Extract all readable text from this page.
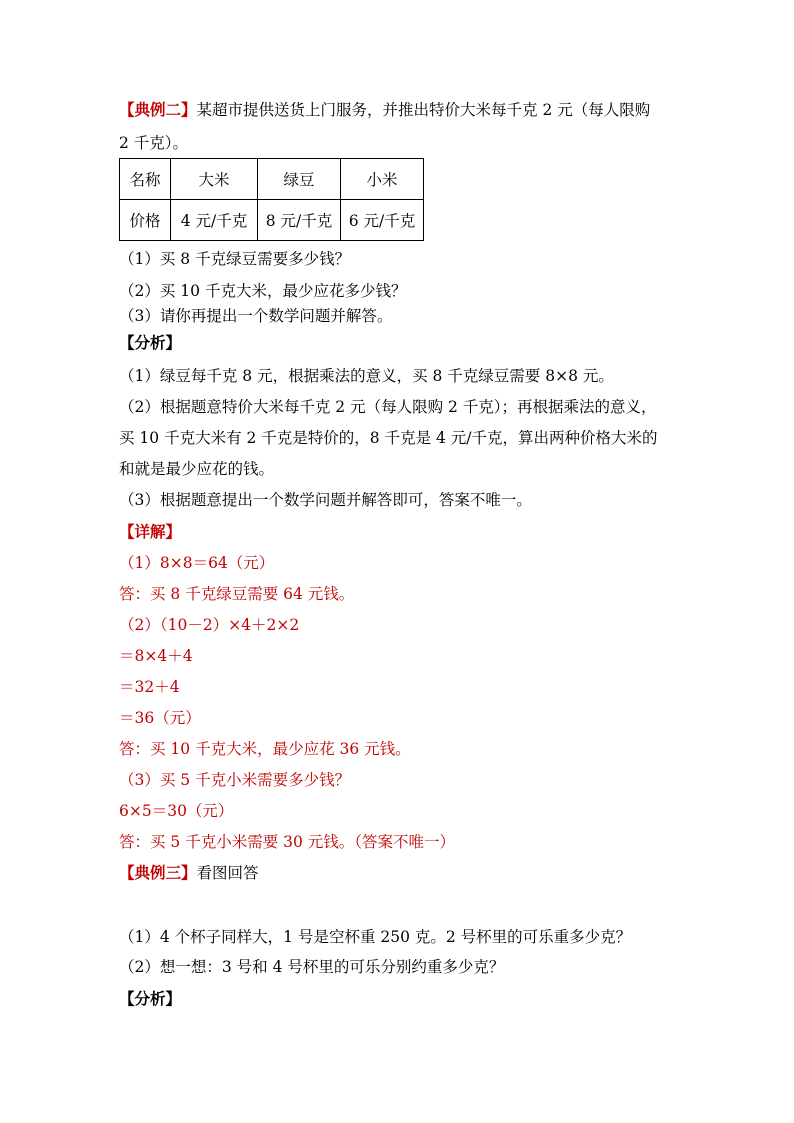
【典例二】某超市提供送货上门服务，并推出特价大米每千克 2 元（每人限购
2 千克）。
名称	大米	绿豆	小米
价格	4 元/千克	8 元/千克	6 元/千克
（1）买 8 千克绿豆需要多少钱？
（2）买 10 千克大米，最少应花多少钱？
（3）请你再提出一个数学问题并解答。
【分析】
（1）绿豆每千克 8 元，根据乘法的意义，买 8 千克绿豆需要 8×8 元。
（2）根据题意特价大米每千克 2 元（每人限购 2 千克）；再根据乘法的意义，
买 10 千克大米有 2 千克是特价的，8 千克是 4 元/千克，算出两种价格大米的
和就是最少应花的钱。
（3）根据题意提出一个数学问题并解答即可，答案不唯一。
【详解】
（1）8×8＝64（元）
答：买 8 千克绿豆需要 64 元钱。
（2）（10－2）×4＋2×2
＝8×4＋4
＝32＋4
＝36（元）
答：买 10 千克大米，最少应花 36 元钱。
（3）买 5 千克小米需要多少钱？
6×5＝30（元）
答：买 5 千克小米需要 30 元钱。（答案不唯一）
【典例三】看图回答
（1）4 个杯子同样大，1 号是空杯重 250 克。2 号杯里的可乐重多少克？
（2）想一想：3 号和 4 号杯里的可乐分别约重多少克？
【分析】
